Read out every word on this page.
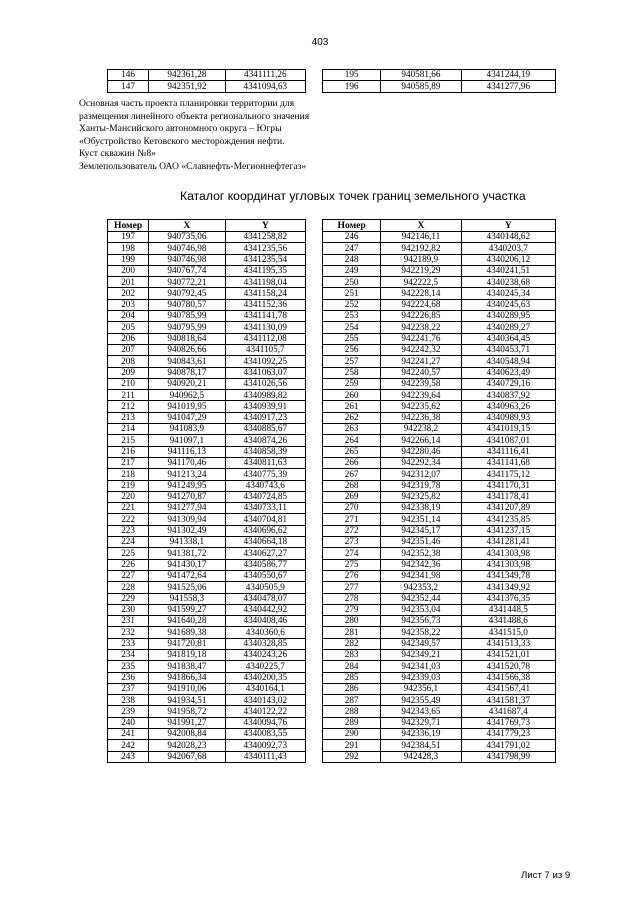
403
146	942361,28	4341111,26
147	942351,92	4341094,63
195	940581,66	4341244,19
196	940585,89	4341277,96
Основная часть проекта планировки территории для
размещения линейного объекта регионального значения
Ханты-Мансийского автономного округа – Югры
«Обустройство Кетовского месторождения нефти.
Куст скважин №8»
Землепользователь ОАО «Славнефть-Мегионнефтегаз»
Каталог координат угловых точек границ земельного участка
Номер	X	Y
197	940735,06	4341258,82
198	940746,98	4341235,56
199	940746,98	4341235,54
200	940767,74	4341195,35
201	940772,21	4341198,04
202	940792,45	4341158,24
203	940780,57	4341152,36
204	940785,99	4341141,78
205	940795,99	4341130,09
206	940818,64	4341112,08
207	940826,66	4341105,7
208	940843,61	4341092,25
209	940878,17	4341063,07
210	940920,21	4341026,56
211	940962,5	4340989,82
212	941019,95	4340939,91
213	941047,29	4340917,23
214	941083,9	4340885,67
215	941097,1	4340874,26
216	941116,13	4340858,39
217	941170,46	4340811,63
218	941213,24	4340775,39
219	941249,95	4340743,6
220	941270,87	4340724,85
221	941277,94	4340733,11
222	941309,94	4340704,81
223	941302,49	4340696,62
224	941338,1	4340664,18
225	941381,72	4340627,27
226	941430,17	4340586,77
227	941472,64	4340550,67
228	941525,06	4340505,9
229	941558,3	4340478,07
230	941599,27	4340442,92
231	941640,28	4340408,46
232	941689,38	4340360,6
233	941720,81	4340328,85
234	941819,18	4340243,26
235	941838,47	4340225,7
236	941866,34	4340200,35
237	941910,06	4340164,1
238	941934,51	4340143,02
239	941958,72	4340122,22
240	941991,27	4340094,76
241	942008,84	4340083,55
242	942028,23	4340092,73
243	942067,68	4340111,43
Номер	X	Y
246	942146,11	4340148,62
247	942192,82	4340203,7
248	942189,9	4340206,12
249	942219,29	4340241,51
250	942222,5	4340238,68
251	942228,14	4340245,34
252	942224,68	4340245,63
253	942226,85	4340289,95
254	942238,22	4340289,27
255	942241,76	4340364,45
256	942242,32	4340453,71
257	942241,27	4340548,94
258	942240,57	4340623,49
259	942239,58	4340729,16
260	942239,64	4340837,92
261	942235,62	4340963,26
262	942236,38	4340989,93
263	942238,2	4341019,15
264	942266,14	4341087,01
265	942280,46	4341116,41
266	942292,34	4341141,68
267	942312,07	4341175,12
268	942319,78	4341170,31
269	942325,82	4341178,41
270	942338,19	4341207,89
271	942351,14	4341235,85
272	942345,17	4341237,15
273	942351,46	4341281,41
274	942352,38	4341303,98
275	942342,36	4341303,98
276	942341,98	4341349,78
277	942353,2	4341349,92
278	942352,44	4341376,35
279	942353,04	4341448,5
280	942356,73	4341488,6
281	942358,22	4341515,0
282	942349,57	4341513,33
283	942349,21	4341521,01
284	942341,03	4341520,78
285	942339,03	4341566,38
286	942356,1	4341567,41
287	942355,49	4341581,37
288	942343,65	4341687,4
289	942329,71	4341769,73
290	942336,19	4341779,23
291	942384,51	4341791,02
292	942428,3	4341798,99
Лист 7 из 9
